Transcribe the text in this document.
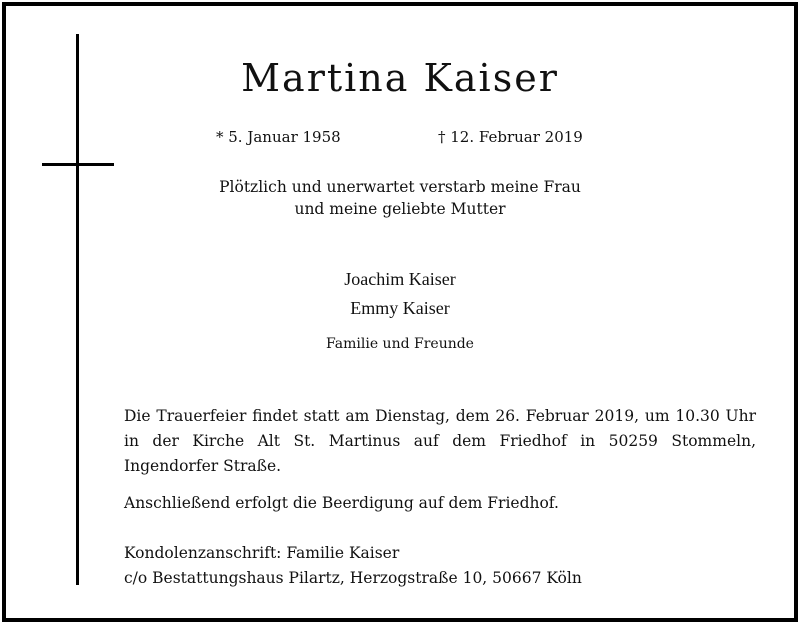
Martina Kaiser
* 5. Januar 1958	† 12. Februar 2019
Plötzlich und unerwartet verstarb meine Frau
und meine geliebte Mutter
Joachim Kaiser
Emmy Kaiser
Familie und Freunde
Die Trauerfeier findet statt am Dienstag, dem 26. Februar 2019, um 10.30 Uhr in der Kirche Alt St. Martinus auf dem Friedhof in 50259 Stommeln, Ingendorfer Straße.
Anschließend erfolgt die Beerdigung auf dem Friedhof.
Kondolenzanschrift: Familie Kaiser
c/o Bestattungshaus Pilartz, Herzogstraße 10, 50667 Köln
